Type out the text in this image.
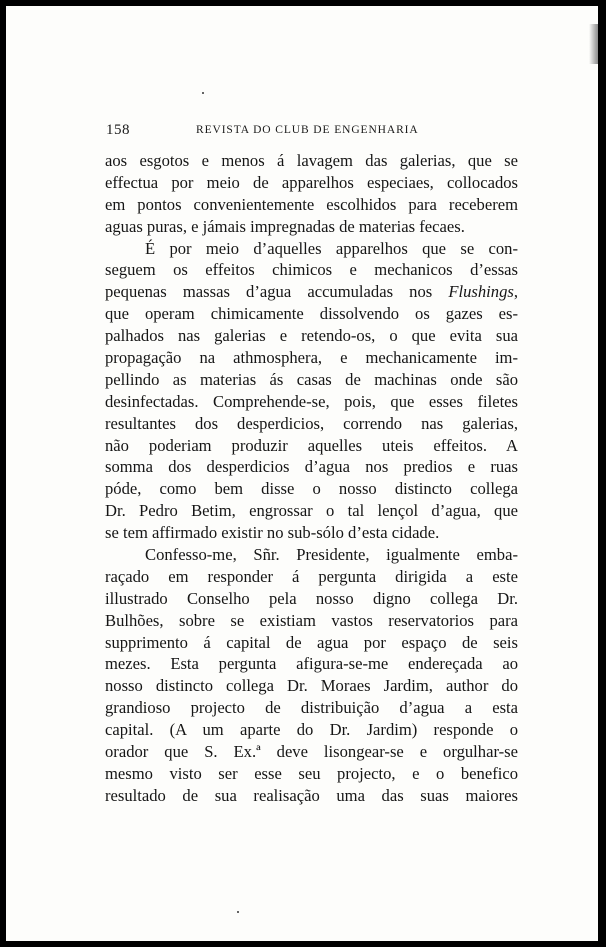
158	REVISTA DO CLUB DE ENGENHARIA
aos esgotos e menos á lavagem das galerias, que se
effectua por meio de apparelhos especiaes, collocados
em pontos convenientemente escolhidos para receberem
aguas puras, e jámais impregnadas de materias fecaes.
É por meio d’aquelles apparelhos que se con-
seguem os effeitos chimicos e mechanicos d’essas
pequenas massas d’agua accumuladas nos Flushings,
que operam chimicamente dissolvendo os gazes es-
palhados nas galerias e retendo-os, o que evita sua
propagação na athmosphera, e mechanicamente im-
pellindo as materias ás casas de machinas onde são
desinfectadas. Comprehende-se, pois, que esses filetes
resultantes dos desperdicios, correndo nas galerias,
não poderiam produzir aquelles uteis effeitos. A
somma dos desperdicios d’agua nos predios e ruas
póde, como bem disse o nosso distincto collega
Dr. Pedro Betim, engrossar o tal lençol d’agua, que
se tem affirmado existir no sub-sólo d’esta cidade.
Confesso-me, Sñr. Presidente, igualmente emba-
raçado em responder á pergunta dirigida a este
illustrado Conselho pela nosso digno collega Dr.
Bulhões, sobre se existiam vastos reservatorios para
supprimento á capital de agua por espaço de seis
mezes. Esta pergunta afigura-se-me endereçada ao
nosso distincto collega Dr. Moraes Jardim, author do
grandioso projecto de distribuição d’agua a esta
capital. (A um aparte do Dr. Jardim) responde o
orador que S. Ex.ª deve lisongear-se e orgulhar-se
mesmo visto ser esse seu projecto, e o benefico
resultado de sua realisação uma das suas maiores
